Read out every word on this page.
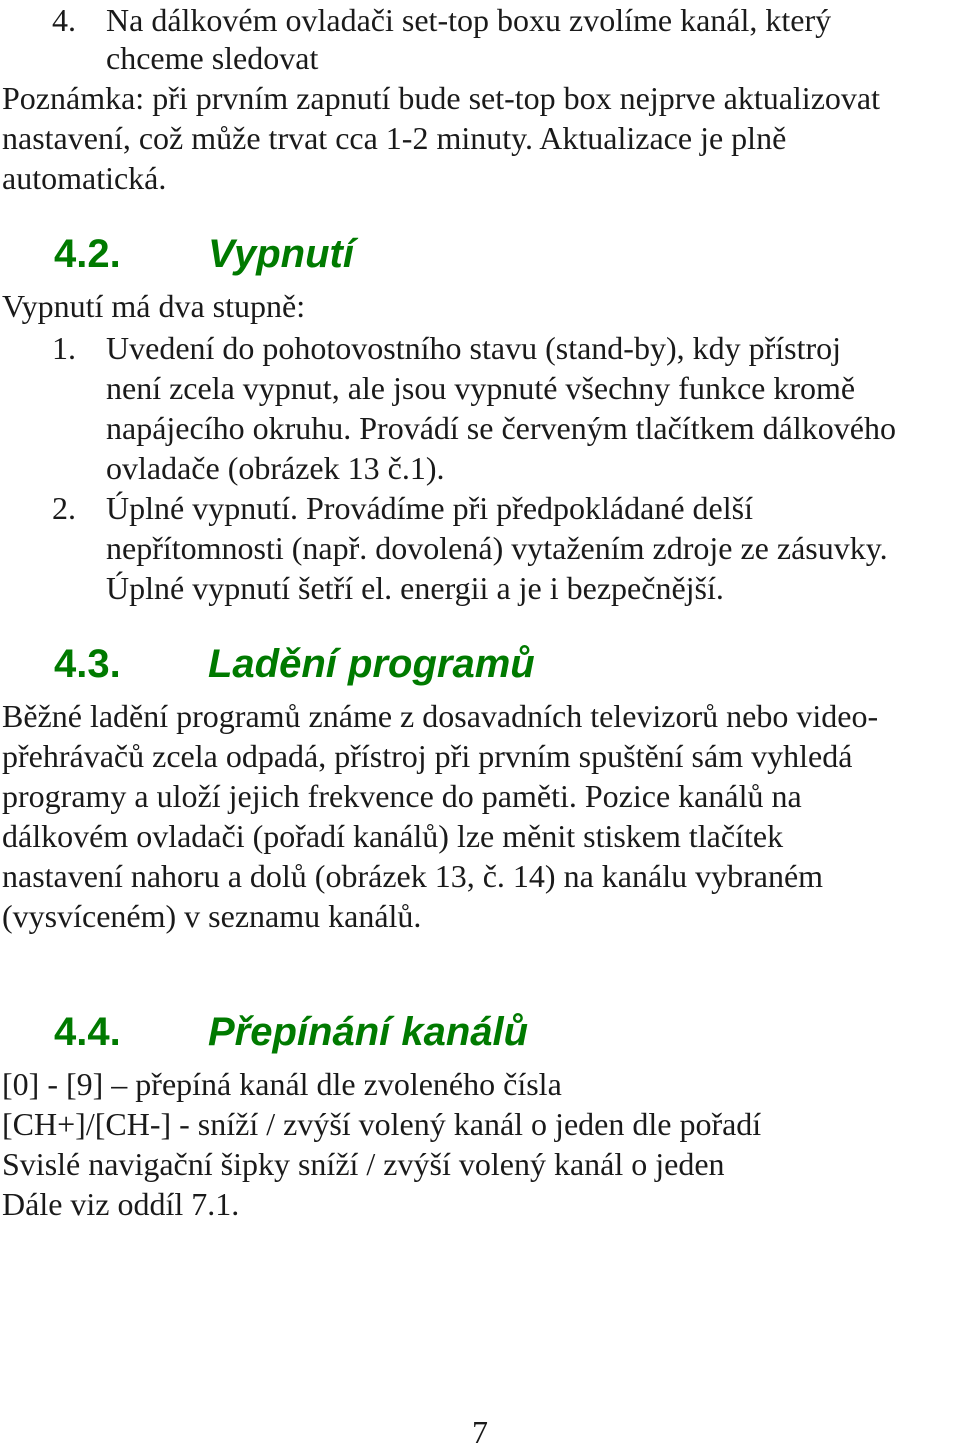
4. Na dálkovém ovladači set-top boxu zvolíme kanál, který
chceme sledovat
Poznámka: při prvním zapnutí bude set-top box nejprve aktualizovat
nastavení, což může trvat cca 1-2 minuty. Aktualizace je plně
automatická.
4.2. Vypnutí
Vypnutí má dva stupně:
1. Uvedení do pohotovostního stavu (stand-by), kdy přístroj
není zcela vypnut, ale jsou vypnuté všechny funkce kromě
napájecího okruhu. Provádí se červeným tlačítkem dálkového
ovladače (obrázek 13 č.1).
2. Úplné vypnutí. Provádíme při předpokládané delší
nepřítomnosti (např. dovolená) vytažením zdroje ze zásuvky.
Úplné vypnutí šetří el. energii a je i bezpečnější.
4.3. Ladění programů
Běžné ladění programů známe z dosavadních televizorů nebo video-
přehrávačů zcela odpadá, přístroj při prvním spuštění sám vyhledá
programy a uloží jejich frekvence do paměti. Pozice kanálů na
dálkovém ovladači (pořadí kanálů) lze měnit stiskem tlačítek
nastavení nahoru a dolů (obrázek 13, č. 14) na kanálu vybraném
(vysvíceném) v seznamu kanálů.
4.4. Přepínání kanálů
[0] - [9] – přepíná kanál dle zvoleného čísla
[CH+]/[CH-] - sníží / zvýší volený kanál o jeden dle pořadí
Svislé navigační šipky sníží / zvýší volený kanál o jeden
Dále viz oddíl 7.1.
7
